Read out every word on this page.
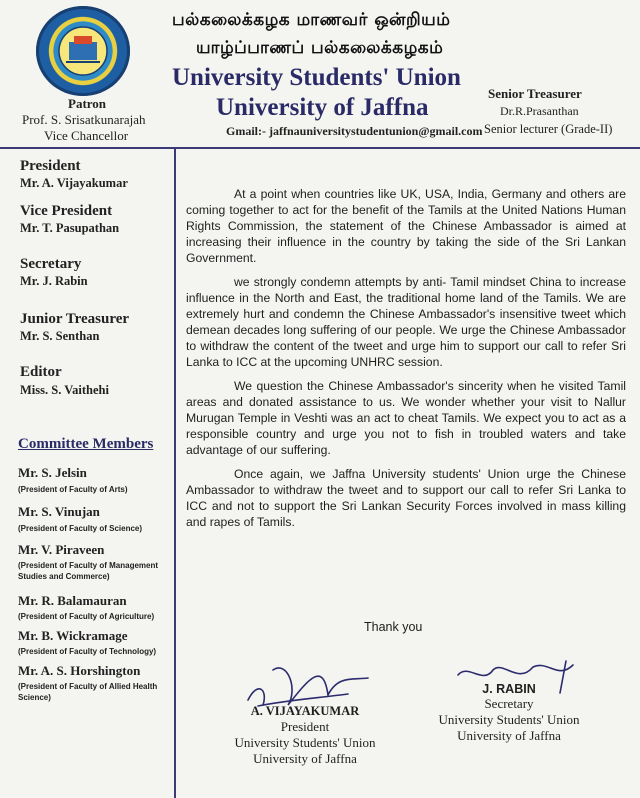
பல்கலைக்கழக மாணவர் ஒன்றியம்
யாழ்ப்பாணப் பல்கலைக்கழகம்
University Students' Union
University of Jaffna
Gmail:- jaffnauniversitystudentunion@gmail.com
Patron
Prof. S. Srisatkunarajah
Vice Chancellor
Senior Treasurer
Dr.R.Prasanthan
Senior lecturer (Grade-II)
President
Mr. A. Vijayakumar
Vice President
Mr. T. Pasupathan
Secretary
Mr. J. Rabin
Junior Treasurer
Mr. S. Senthan
Editor
Miss. S. Vaithehi
Committee Members
Mr. S. Jelsin
(President of Faculty of Arts)
Mr. S. Vinujan
(President of Faculty of Science)
Mr. V. Piraveen
(President of Faculty of Management Studies and Commerce)
Mr. R. Balamauran
(President of Faculty of Agriculture)
Mr. B. Wickramage
(President of Faculty of Technology)
Mr. A. S. Horshington
(President of Faculty of Allied Health Science)

At a point when countries like UK, USA, India, Germany and others are coming together to act for the benefit of the Tamils at the United Nations Human Rights Commission, the statement of the Chinese Ambassador is aimed at increasing their influence in the country by taking the side of the Sri Lankan Government.

we strongly condemn attempts by anti- Tamil mindset China to increase influence in the North and East, the traditional home land of the Tamils. We are extremely hurt and condemn the Chinese Ambassador's insensitive tweet which demean decades long suffering of our people. We urge the Chinese Ambassador to withdraw the content of the tweet and urge him to support our call to refer Sri Lanka to ICC at the upcoming UNHRC session.

We question the Chinese Ambassador's sincerity when he visited Tamil areas and donated assistance to us. We wonder whether your visit to Nallur Murugan Temple in Veshti was an act to cheat Tamils. We expect you to act as a responsible country and urge you not to fish in troubled waters and take advantage of our suffering.

Once again, we Jaffna University students' Union urge the Chinese Ambassador to withdraw the tweet and to support our call to refer Sri Lanka to ICC and not to support the Sri Lankan Security Forces involved in mass killing and rapes of Tamils.

Thank you
A. VIJAYAKUMAR
President
University Students' Union
University of Jaffna
J. RABIN
Secretary
University Students' Union
University of Jaffna
